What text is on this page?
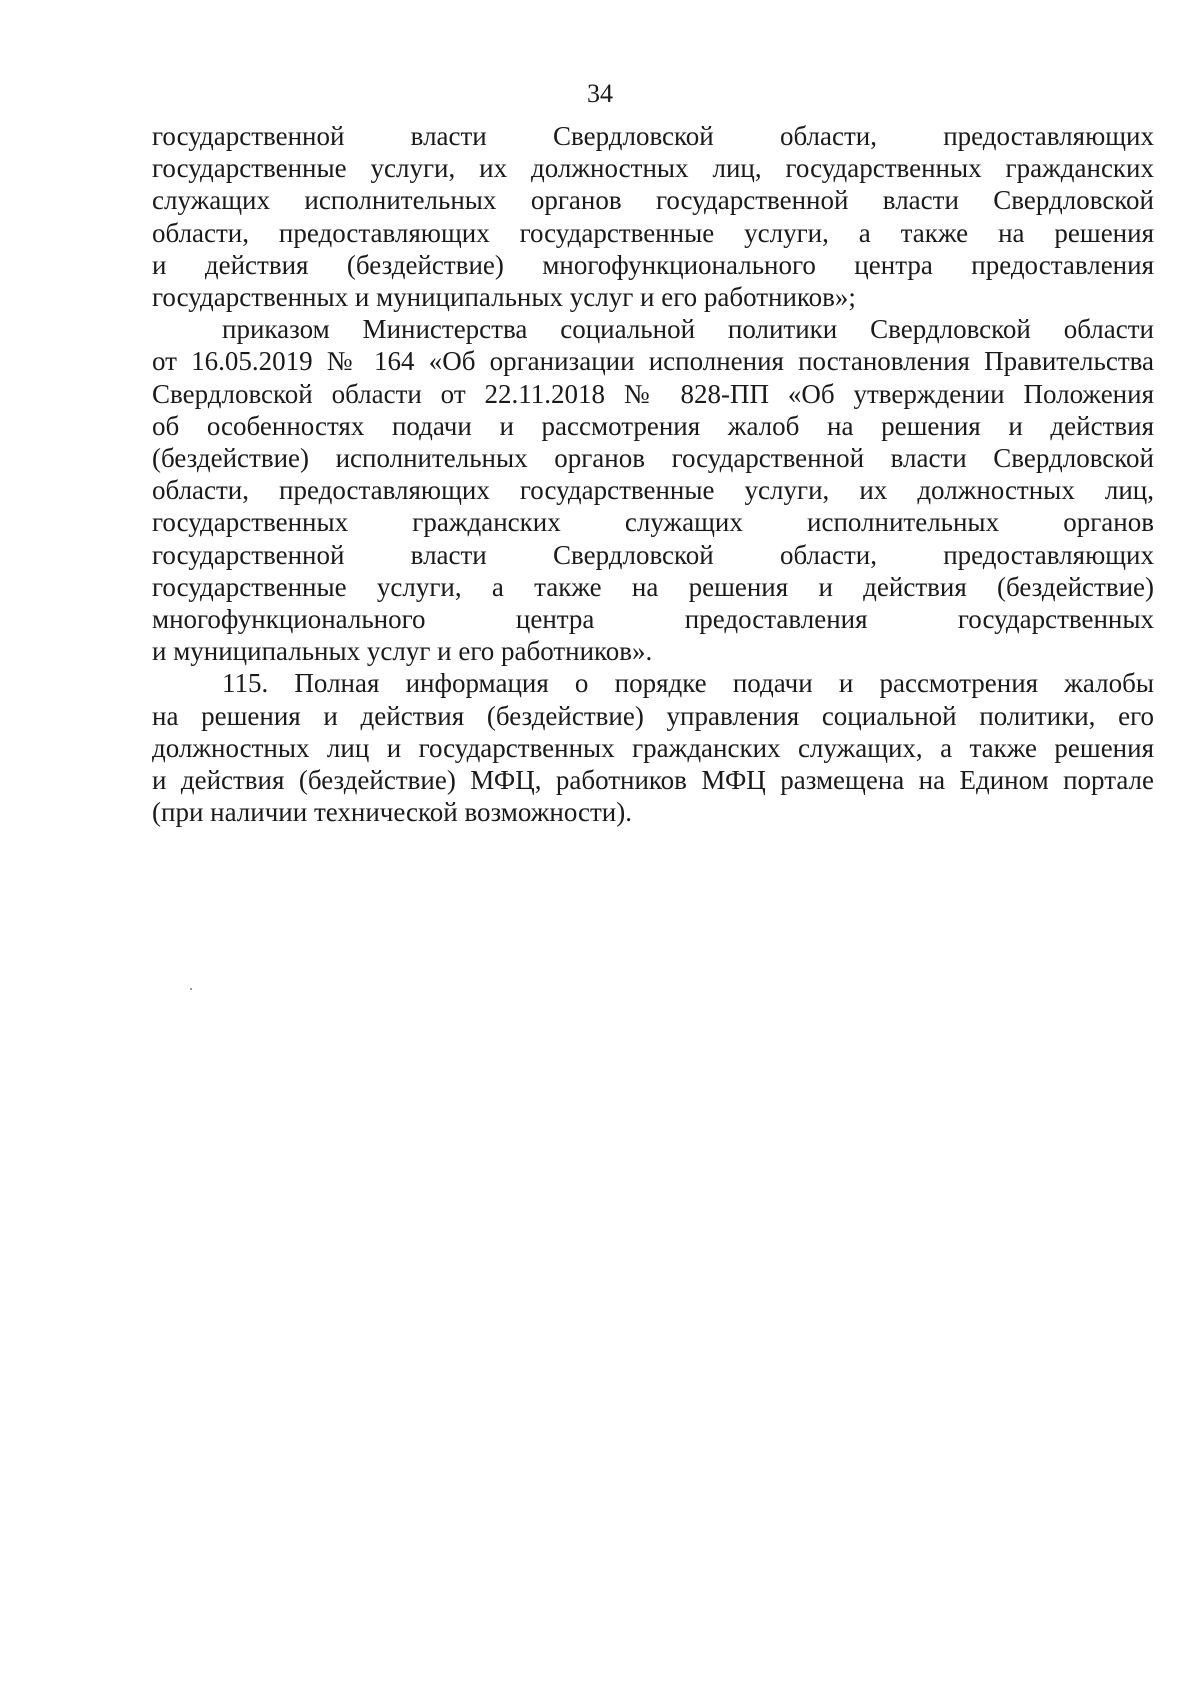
34

государственной власти Свердловской области, предоставляющих
государственные услуги, их должностных лиц, государственных гражданских
служащих исполнительных органов государственной власти Свердловской
области, предоставляющих государственные услуги, а также на решения
и действия (бездействие) многофункционального центра предоставления
государственных и муниципальных услуг и его работников»;

приказом Министерства социальной политики Свердловской области
от 16.05.2019 № 164 «Об организации исполнения постановления Правительства
Свердловской области от 22.11.2018 № 828-ПП «Об утверждении Положения
об особенностях подачи и рассмотрения жалоб на решения и действия
(бездействие) исполнительных органов государственной власти Свердловской
области, предоставляющих государственные услуги, их должностных лиц,
государственных гражданских служащих исполнительных органов
государственной власти Свердловской области, предоставляющих
государственные услуги, а также на решения и действия (бездействие)
многофункционального центра предоставления государственных
и муниципальных услуг и его работников».

115. Полная информация о порядке подачи и рассмотрения жалобы
на решения и действия (бездействие) управления социальной политики, его
должностных лиц и государственных гражданских служащих, а также решения
и действия (бездействие) МФЦ, работников МФЦ размещена на Едином портале
(при наличии технической возможности).
